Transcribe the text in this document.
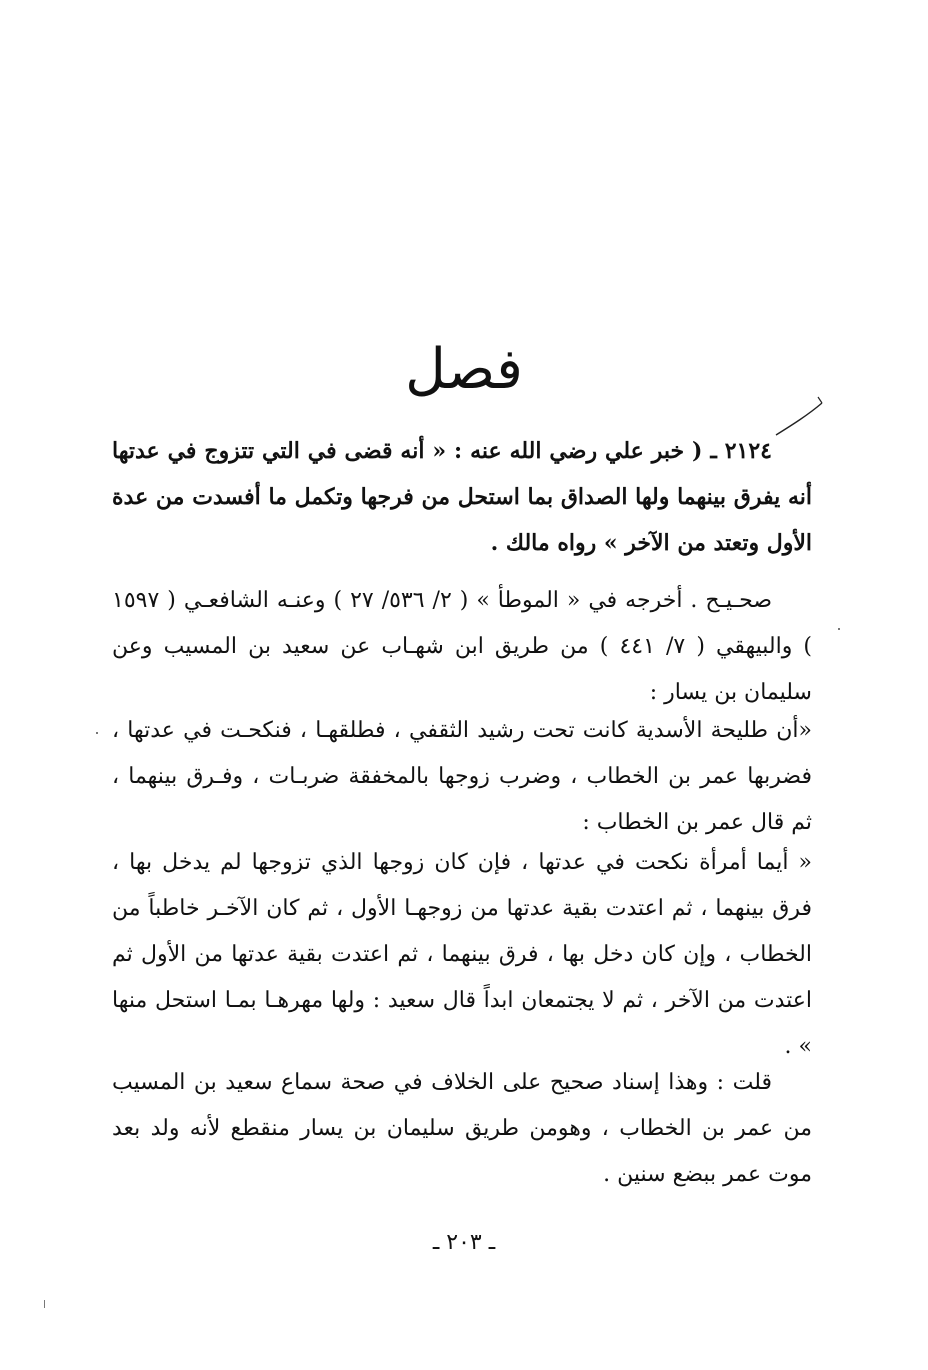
فصل
٢١٢٤ ـ ( خبر علي رضي الله عنه : « أنه قضى في التي تتزوج في عدتها أنه يفرق بينهما ولها الصداق بما استحل من فرجها وتكمل ما أفسدت من عدة الأول وتعتد من الآخر » رواه مالك .
صحـيـح . أخرجه في « الموطأ » ( ٢/ ٥٣٦/ ٢٧ ) وعنـه الشافعـي ( ١٥٩٧ ) والبيهقي ( ٧/ ٤٤١ ) من طريق ابن شهـاب عن سعيد بن المسيب وعن سليمان بن يسار :
«أن طليحة الأسدية كانت تحت رشيد الثقفي ، فطلقهـا ، فنكحـت في عدتها ، فضربها عمر بن الخطاب ، وضرب زوجها بالمخفقة ضربـات ، وفـرق بينهما ، ثم قال عمر بن الخطاب :
« أيما أمرأة نكحت في عدتها ، فإن كان زوجها الذي تزوجها لم يدخل بها ، فرق بينهما ، ثم اعتدت بقية عدتها من زوجهـا الأول ، ثم كان الآخـر خاطباً من الخطاب ، وإن كان دخل بها ، فرق بينهما ، ثم اعتدت بقية عدتها من الأول ثم اعتدت من الآخر ، ثم لا يجتمعان ابداً قال سعيد : ولها مهرهـا بمـا استحل منها » .
قلت : وهذا إسناد صحيح على الخلاف في صحة سماع سعيد بن المسيب من عمر بن الخطاب ، وهومن طريق سليمان بن يسار منقطع لأنه ولد بعد موت عمر ببضع سنين .
ـ ٢٠٣ ـ
